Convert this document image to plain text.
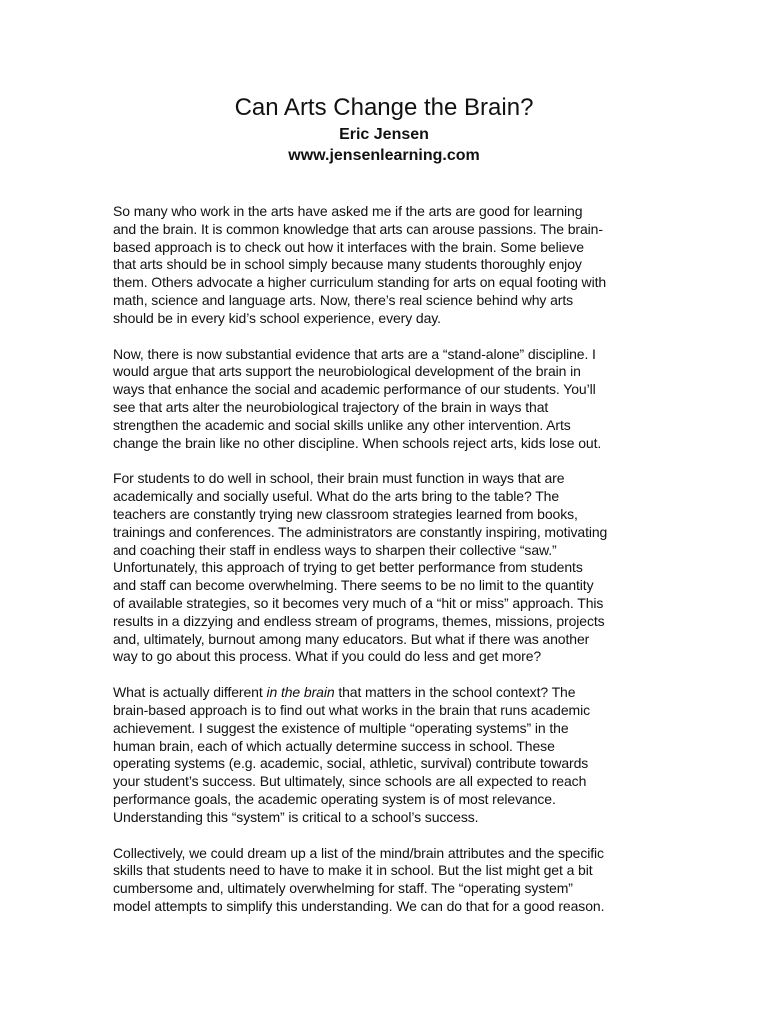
Can Arts Change the Brain?

Eric Jensen

www.jensenlearning.com

So many who work in the arts have asked me if the arts are good for learning
and the brain. It is common knowledge that arts can arouse passions. The brain-
based approach is to check out how it interfaces with the brain. Some believe
that arts should be in school simply because many students thoroughly enjoy
them. Others advocate a higher curriculum standing for arts on equal footing with
math, science and language arts. Now, there’s real science behind why arts
should be in every kid’s school experience, every day.

Now, there is now substantial evidence that arts are a “stand-alone” discipline. I
would argue that arts support the neurobiological development of the brain in
ways that enhance the social and academic performance of our students. You’ll
see that arts alter the neurobiological trajectory of the brain in ways that
strengthen the academic and social skills unlike any other intervention. Arts
change the brain like no other discipline. When schools reject arts, kids lose out.

For students to do well in school, their brain must function in ways that are
academically and socially useful. What do the arts bring to the table? The
teachers are constantly trying new classroom strategies learned from books,
trainings and conferences. The administrators are constantly inspiring, motivating
and coaching their staff in endless ways to sharpen their collective “saw.”
Unfortunately, this approach of trying to get better performance from students
and staff can become overwhelming. There seems to be no limit to the quantity
of available strategies, so it becomes very much of a “hit or miss” approach. This
results in a dizzying and endless stream of programs, themes, missions, projects
and, ultimately, burnout among many educators. But what if there was another
way to go about this process. What if you could do less and get more?

What is actually different in the brain that matters in the school context? The
brain-based approach is to find out what works in the brain that runs academic
achievement. I suggest the existence of multiple “operating systems” in the
human brain, each of which actually determine success in school. These
operating systems (e.g. academic, social, athletic, survival) contribute towards
your student’s success. But ultimately, since schools are all expected to reach
performance goals, the academic operating system is of most relevance.
Understanding this “system” is critical to a school’s success.

Collectively, we could dream up a list of the mind/brain attributes and the specific
skills that students need to have to make it in school. But the list might get a bit
cumbersome and, ultimately overwhelming for staff. The “operating system”
model attempts to simplify this understanding. We can do that for a good reason.
